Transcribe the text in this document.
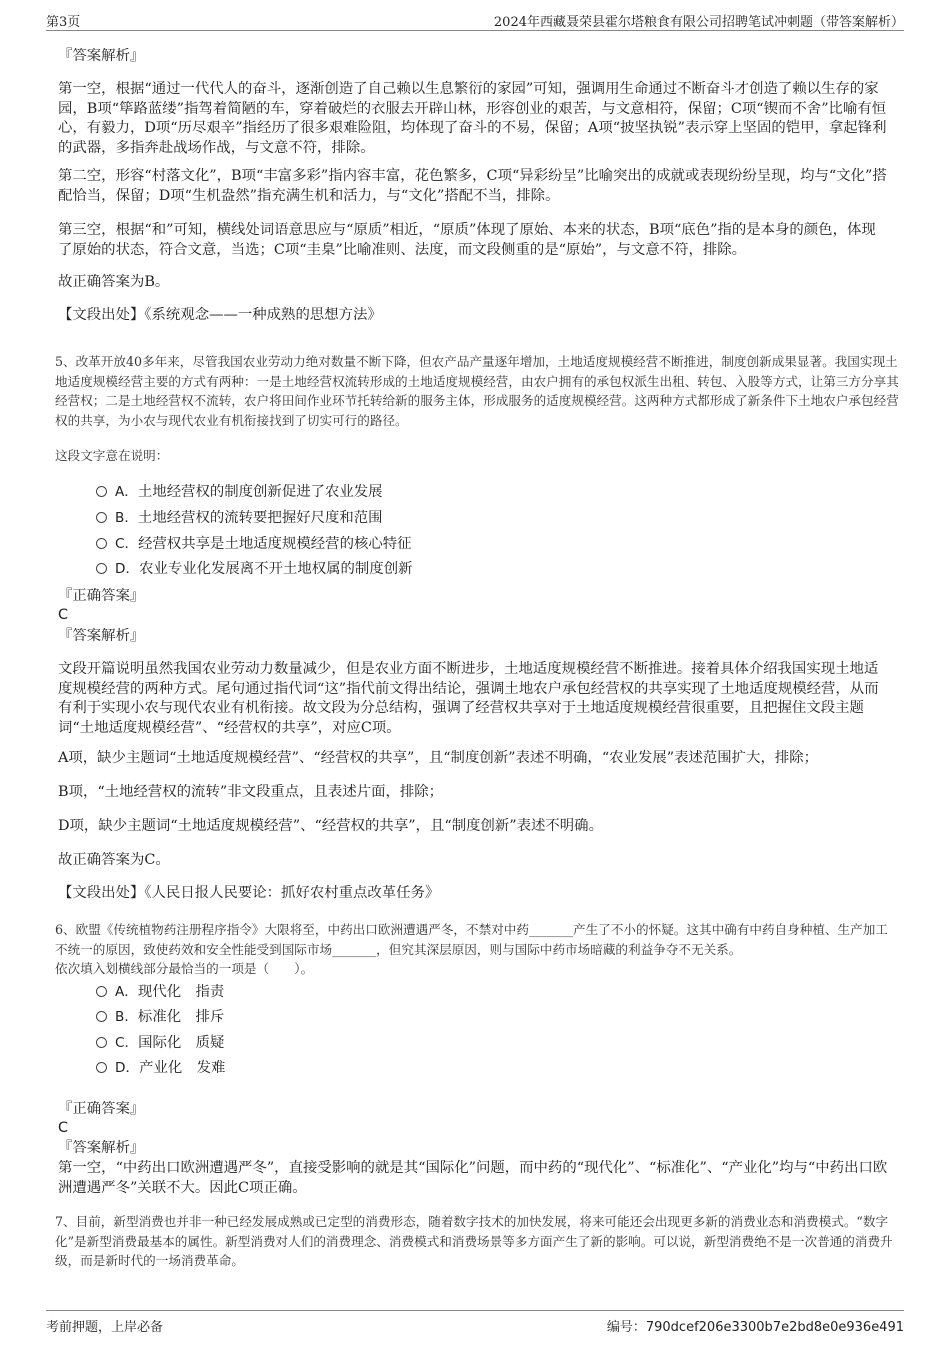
第3页	2024年西藏聂荣县霍尔塔粮食有限公司招聘笔试冲刺题（带答案解析）

『答案解析』

第一空，根据“通过一代代人的奋斗，逐渐创造了自己赖以生息繁衍的家园”可知，强调用生命通过不断奋斗才创造了赖以生存的家园，B项“筚路蓝缕”指驾着简陋的车，穿着破烂的衣服去开辟山林，形容创业的艰苦，与文意相符，保留；C项“锲而不舍”比喻有恒心，有毅力，D项“历尽艰辛”指经历了很多艰难险阻，均体现了奋斗的不易，保留；A项“披坚执锐”表示穿上坚固的铠甲，拿起锋利的武器，多指奔赴战场作战，与文意不符，排除。

第二空，形容“村落文化”，B项“丰富多彩”指内容丰富，花色繁多，C项“异彩纷呈”比喻突出的成就或表现纷纷呈现，均与“文化”搭配恰当，保留；D项“生机盎然”指充满生机和活力，与“文化”搭配不当，排除。

第三空，根据“和”可知，横线处词语意思应与“原质”相近，“原质”体现了原始、本来的状态，B项“底色”指的是本身的颜色，体现了原始的状态，符合文意，当选；C项“圭臬”比喻准则、法度，而文段侧重的是“原始”，与文意不符，排除。

故正确答案为B。

【文段出处】《系统观念——一种成熟的思想方法》

5、改革开放40多年来，尽管我国农业劳动力绝对数量不断下降，但农产品产量逐年增加，土地适度规模经营不断推进，制度创新成果显著。我国实现土地适度规模经营主要的方式有两种：一是土地经营权流转形成的土地适度规模经营，由农户拥有的承包权派生出租、转包、入股等方式，让第三方分享其经营权；二是土地经营权不流转，农户将田间作业环节托转给新的服务主体，形成服务的适度规模经营。这两种方式都形成了新条件下土地农户承包经营权的共享，为小农与现代农业有机衔接找到了切实可行的路径。

这段文字意在说明：

A．土地经营权的制度创新促进了农业发展
B．土地经营权的流转要把握好尺度和范围
C．经营权共享是土地适度规模经营的核心特征
D．农业专业化发展离不开土地权属的制度创新

『正确答案』

C

『答案解析』

文段开篇说明虽然我国农业劳动力数量减少，但是农业方面不断进步，土地适度规模经营不断推进。接着具体介绍我国实现土地适度规模经营的两种方式。尾句通过指代词“这”指代前文得出结论，强调土地农户承包经营权的共享实现了土地适度规模经营，从而有利于实现小农与现代农业有机衔接。故文段为分总结构，强调了经营权共享对于土地适度规模经营很重要，且把握住文段主题词“土地适度规模经营”、“经营权的共享”，对应C项。

A项，缺少主题词“土地适度规模经营”、“经营权的共享”，且“制度创新”表述不明确，“农业发展”表述范围扩大，排除；

B项，“土地经营权的流转”非文段重点，且表述片面，排除；

D项，缺少主题词“土地适度规模经营”、“经营权的共享”，且“制度创新”表述不明确。

故正确答案为C。

【文段出处】《人民日报人民要论：抓好农村重点改革任务》

6、欧盟《传统植物药注册程序指令》大限将至，中药出口欧洲遭遇严冬，不禁对中药_______产生了不小的怀疑。这其中确有中药自身种植、生产加工不统一的原因，致使药效和安全性能受到国际市场_______，但究其深层原因，则与国际中药市场暗藏的利益争夺不无关系。

依次填入划横线部分最恰当的一项是（　　）。

A．现代化　指责
B．标准化　排斥
C．国际化　质疑
D．产业化　发难

『正确答案』

C

『答案解析』

第一空，“中药出口欧洲遭遇严冬”，直接受影响的就是其“国际化”问题，而中药的“现代化”、“标准化”、“产业化”均与“中药出口欧洲遭遇严冬”关联不大。因此C项正确。

7、目前，新型消费也并非一种已经发展成熟或已定型的消费形态，随着数字技术的加快发展，将来可能还会出现更多新的消费业态和消费模式。“数字化”是新型消费最基本的属性。新型消费对人们的消费理念、消费模式和消费场景等多方面产生了新的影响。可以说，新型消费绝不是一次普通的消费升级，而是新时代的一场消费革命。

考前押题，上岸必备	编号：790dcef206e3300b7e2bd8e0e936e491
